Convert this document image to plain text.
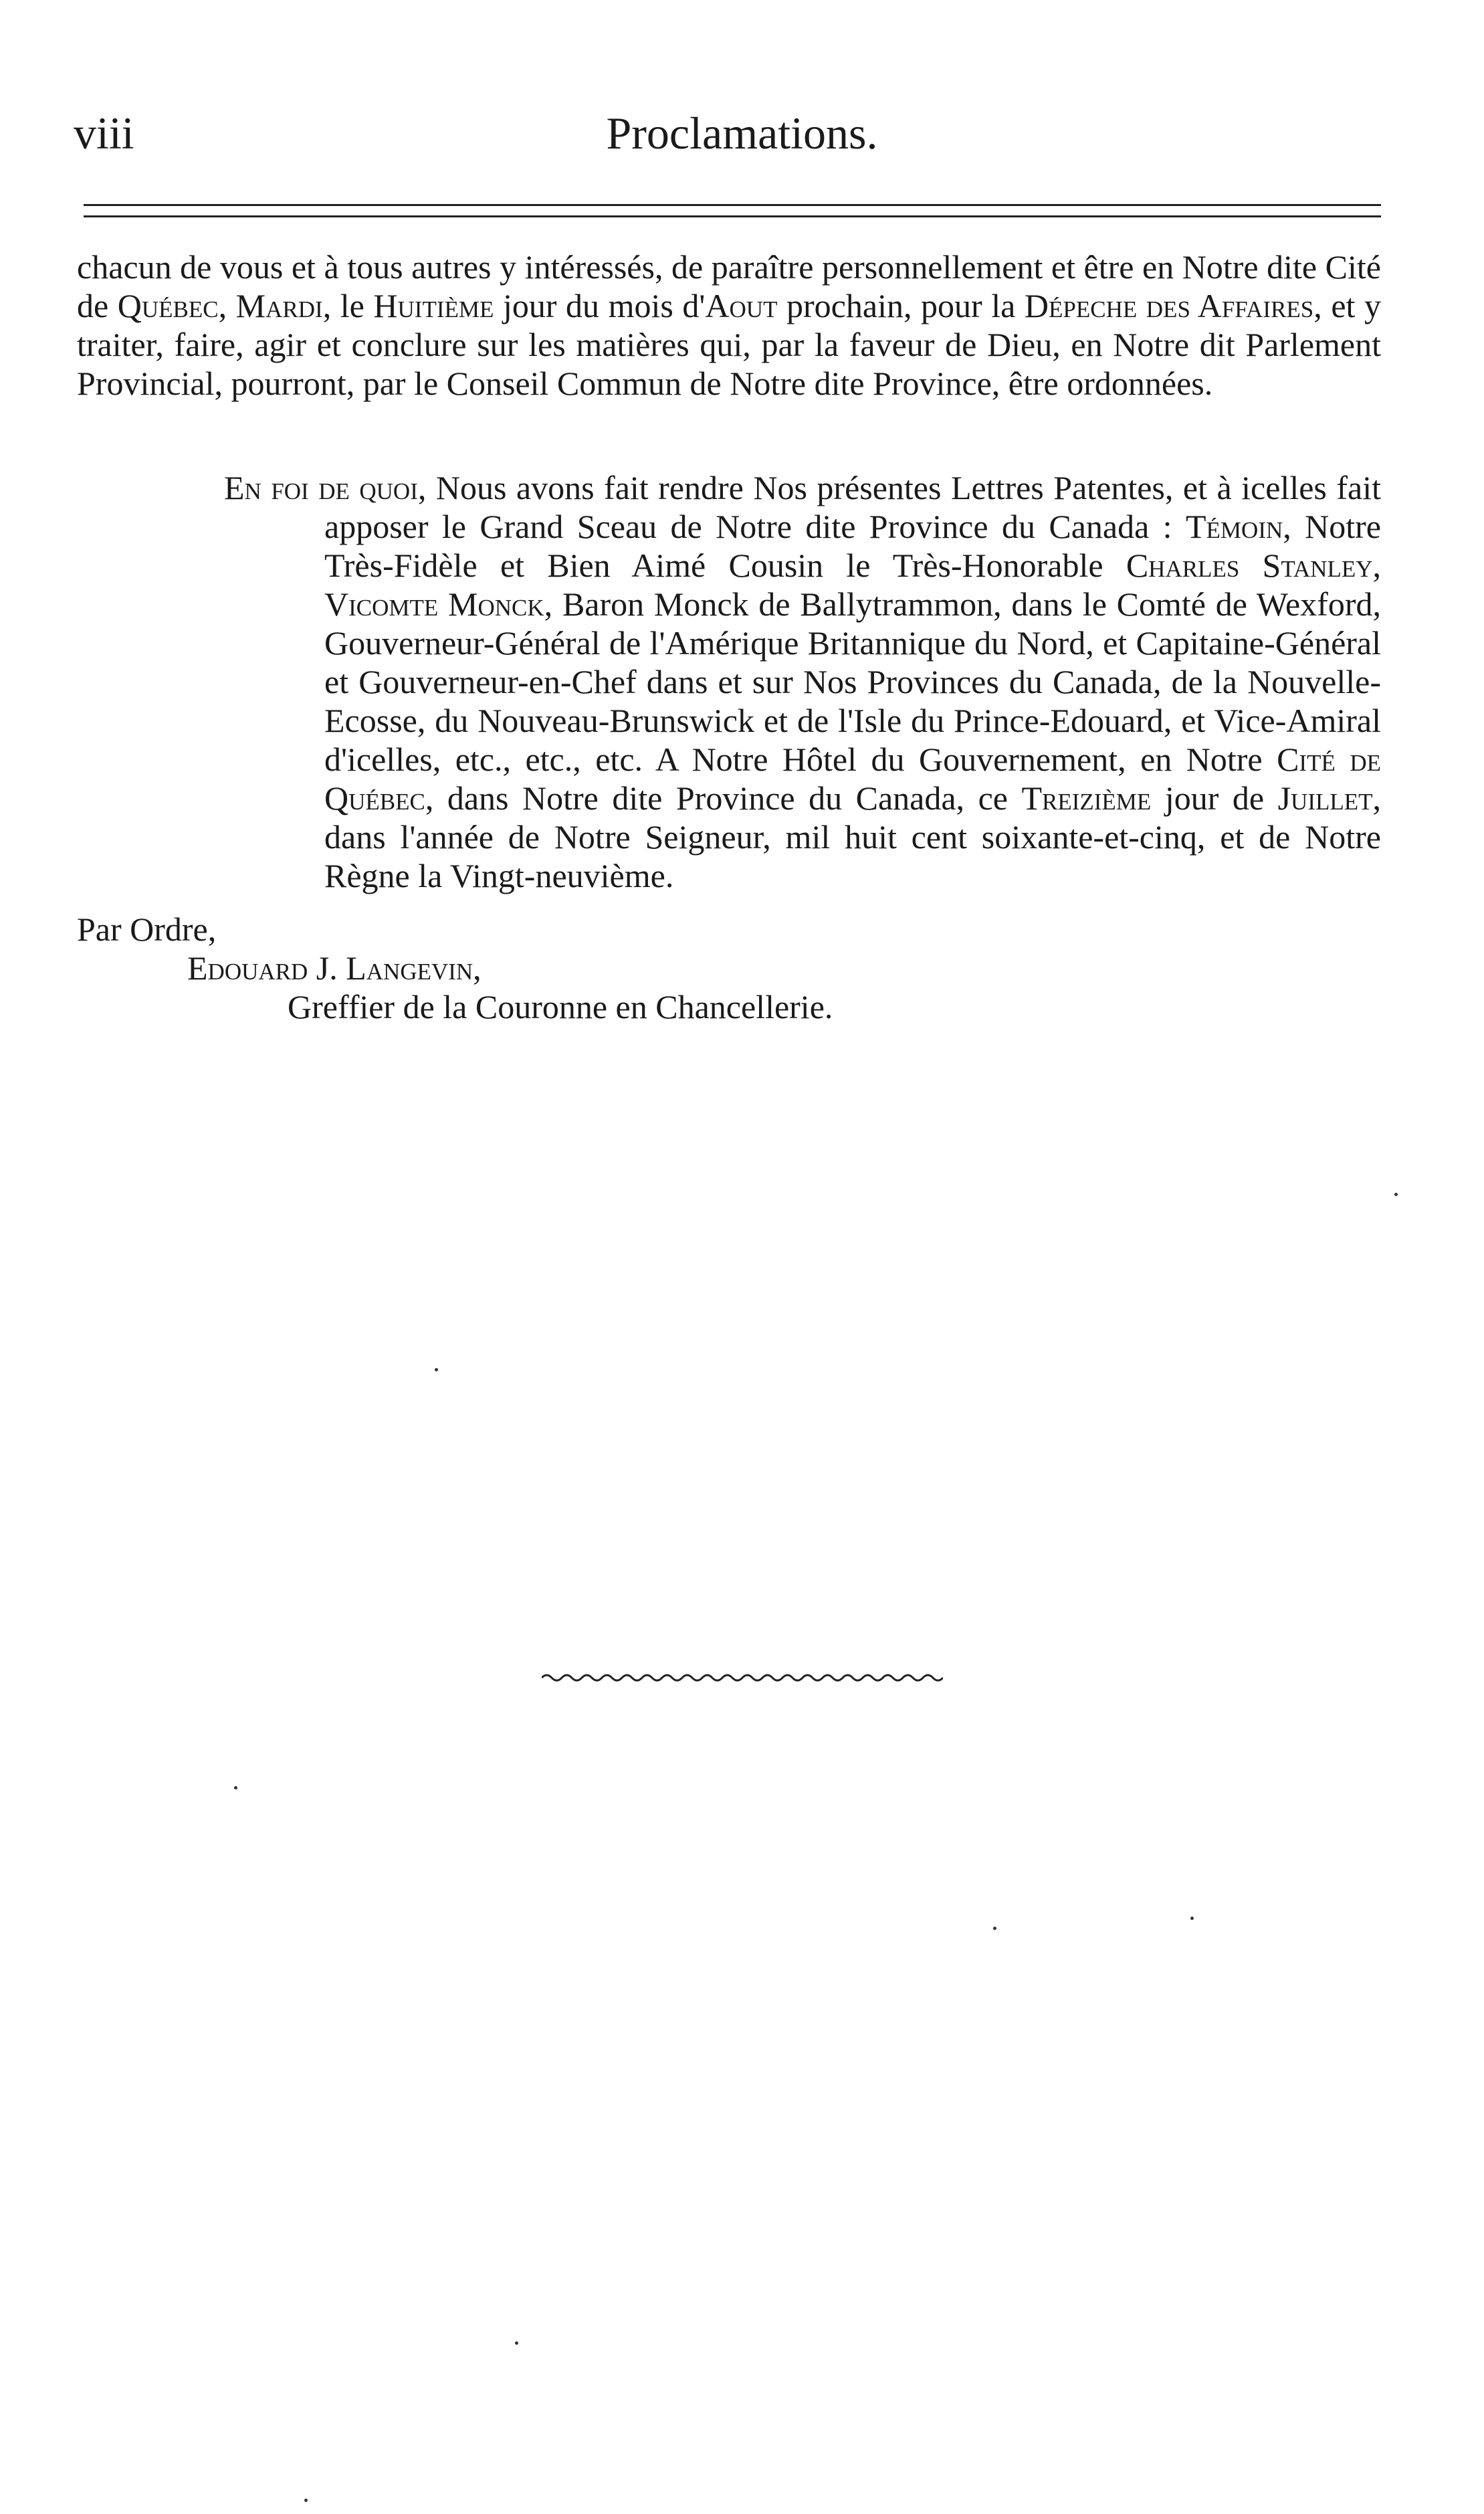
viii	Proclamations.
chacun de vous et à tous autres y intéressés, de paraître personnellement et être en Notre dite Cité de Québec, Mardi, le Huitième jour du mois d'Aout prochain, pour la Dépeche des Affaires, et y traiter, faire, agir et conclure sur les matières qui, par la faveur de Dieu, en Notre dit Parlement Provincial, pourront, par le Conseil Commun de Notre dite Province, être ordonnées.
En foi de quoi, Nous avons fait rendre Nos présentes Lettres Patentes, et à icelles fait apposer le Grand Sceau de Notre dite Province du Canada : Témoin, Notre Très-Fidèle et Bien Aimé Cousin le Très-Honorable Charles Stanley, Vicomte Monck, Baron Monck de Ballytrammon, dans le Comté de Wexford, Gouverneur-Général de l'Amérique Britannique du Nord, et Capitaine-Général et Gouverneur-en-Chef dans et sur Nos Provinces du Canada, de la Nouvelle-Ecosse, du Nouveau-Brunswick et de l'Isle du Prince-Edouard, et Vice-Amiral d'icelles, etc., etc., etc. A Notre Hôtel du Gouvernement, en Notre Cité de Québec, dans Notre dite Province du Canada, ce Treizième jour de Juillet, dans l'année de Notre Seigneur, mil huit cent soixante-et-cinq, et de Notre Règne la Vingt-neuvième.
Par Ordre,
Edouard J. Langevin,
Greffier de la Couronne en Chancellerie.
